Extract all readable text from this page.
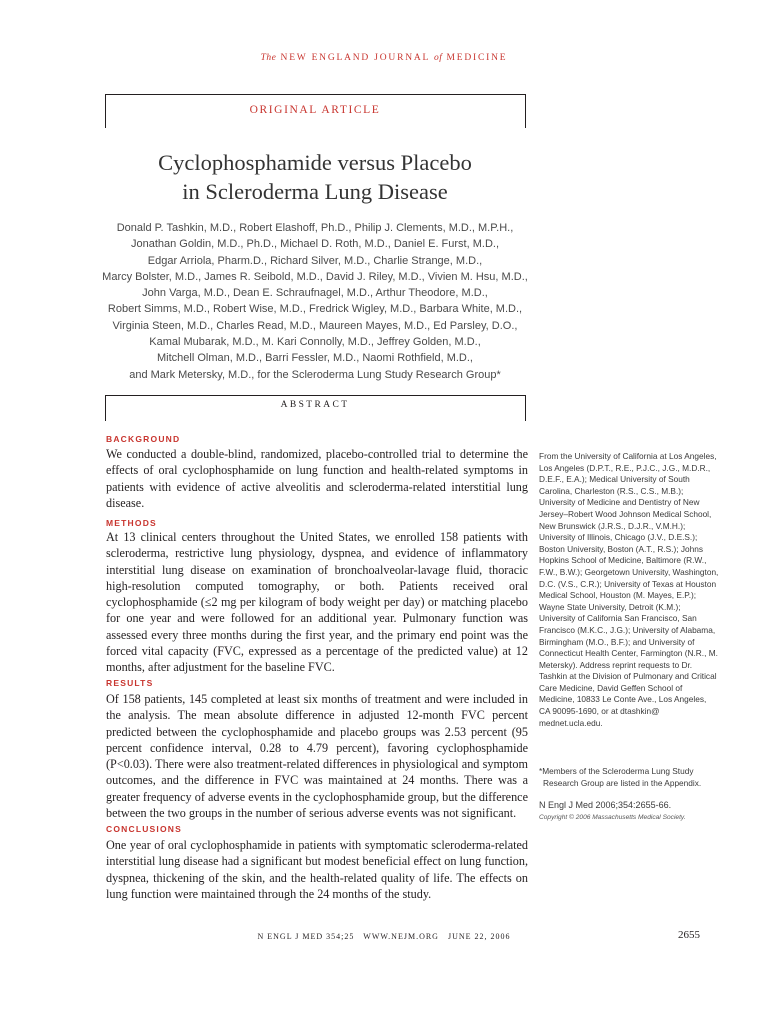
The NEW ENGLAND JOURNAL of MEDICINE
ORIGINAL ARTICLE
Cyclophosphamide versus Placebo
in Scleroderma Lung Disease
Donald P. Tashkin, M.D., Robert Elashoff, Ph.D., Philip J. Clements, M.D., M.P.H.,
Jonathan Goldin, M.D., Ph.D., Michael D. Roth, M.D., Daniel E. Furst, M.D.,
Edgar Arriola, Pharm.D., Richard Silver, M.D., Charlie Strange, M.D.,
Marcy Bolster, M.D., James R. Seibold, M.D., David J. Riley, M.D., Vivien M. Hsu, M.D.,
John Varga, M.D., Dean E. Schraufnagel, M.D., Arthur Theodore, M.D.,
Robert Simms, M.D., Robert Wise, M.D., Fredrick Wigley, M.D., Barbara White, M.D.,
Virginia Steen, M.D., Charles Read, M.D., Maureen Mayes, M.D., Ed Parsley, D.O.,
Kamal Mubarak, M.D., M. Kari Connolly, M.D., Jeffrey Golden, M.D.,
Mitchell Olman, M.D., Barri Fessler, M.D., Naomi Rothfield, M.D.,
and Mark Metersky, M.D., for the Scleroderma Lung Study Research Group*
ABSTRACT
BACKGROUND
We conducted a double-blind, randomized, placebo-controlled trial to determine the effects of oral cyclophosphamide on lung function and health-related symptoms in patients with evidence of active alveolitis and scleroderma-related interstitial lung disease.
METHODS
At 13 clinical centers throughout the United States, we enrolled 158 patients with scleroderma, restrictive lung physiology, dyspnea, and evidence of inflammatory interstitial lung disease on examination of bronchoalveolar-lavage fluid, thoracic high-resolution computed tomography, or both. Patients received oral cyclophosphamide (≤2 mg per kilogram of body weight per day) or matching placebo for one year and were followed for an additional year. Pulmonary function was assessed every three months during the first year, and the primary end point was the forced vital capacity (FVC, expressed as a percentage of the predicted value) at 12 months, after adjustment for the baseline FVC.
RESULTS
Of 158 patients, 145 completed at least six months of treatment and were included in the analysis. The mean absolute difference in adjusted 12-month FVC percent predicted between the cyclophosphamide and placebo groups was 2.53 percent (95 percent confidence interval, 0.28 to 4.79 percent), favoring cyclophosphamide (P<0.03). There were also treatment-related differences in physiological and symptom outcomes, and the difference in FVC was maintained at 24 months. There was a greater frequency of adverse events in the cyclophosphamide group, but the difference between the two groups in the number of serious adverse events was not significant.
CONCLUSIONS
One year of oral cyclophosphamide in patients with symptomatic scleroderma-related interstitial lung disease had a significant but modest beneficial effect on lung function, dyspnea, thickening of the skin, and the health-related quality of life. The effects on lung function were maintained through the 24 months of the study.
From the University of California at Los Angeles, Los Angeles (D.P.T., R.E., P.J.C., J.G., M.D.R., D.E.F., E.A.); Medical University of South Carolina, Charleston (R.S., C.S., M.B.); University of Medicine and Dentistry of New Jersey–Robert Wood Johnson Medical School, New Brunswick (J.R.S., D.J.R., V.M.H.); University of Illinois, Chicago (J.V., D.E.S.); Boston University, Boston (A.T., R.S.); Johns Hopkins School of Medicine, Baltimore (R.W., F.W., B.W.); Georgetown University, Washington, D.C. (V.S., C.R.); University of Texas at Houston Medical School, Houston (M. Mayes, E.P.); Wayne State University, Detroit (K.M.); University of California San Francisco, San Francisco (M.K.C., J.G.); University of Alabama, Birmingham (M.O., B.F.); and University of Connecticut Health Center, Farmington (N.R., M. Metersky). Address reprint requests to Dr. Tashkin at the Division of Pulmonary and Critical Care Medicine, David Geffen School of Medicine, 10833 Le Conte Ave., Los Angeles, CA 90095-1690, or at dtashkin@ mednet.ucla.edu.
*Members of the Scleroderma Lung Study Research Group are listed in the Appendix.
N Engl J Med 2006;354:2655-66.
Copyright © 2006 Massachusetts Medical Society.
N ENGL J MED 354;25   WWW.NEJM.ORG   JUNE 22, 2006	2655
